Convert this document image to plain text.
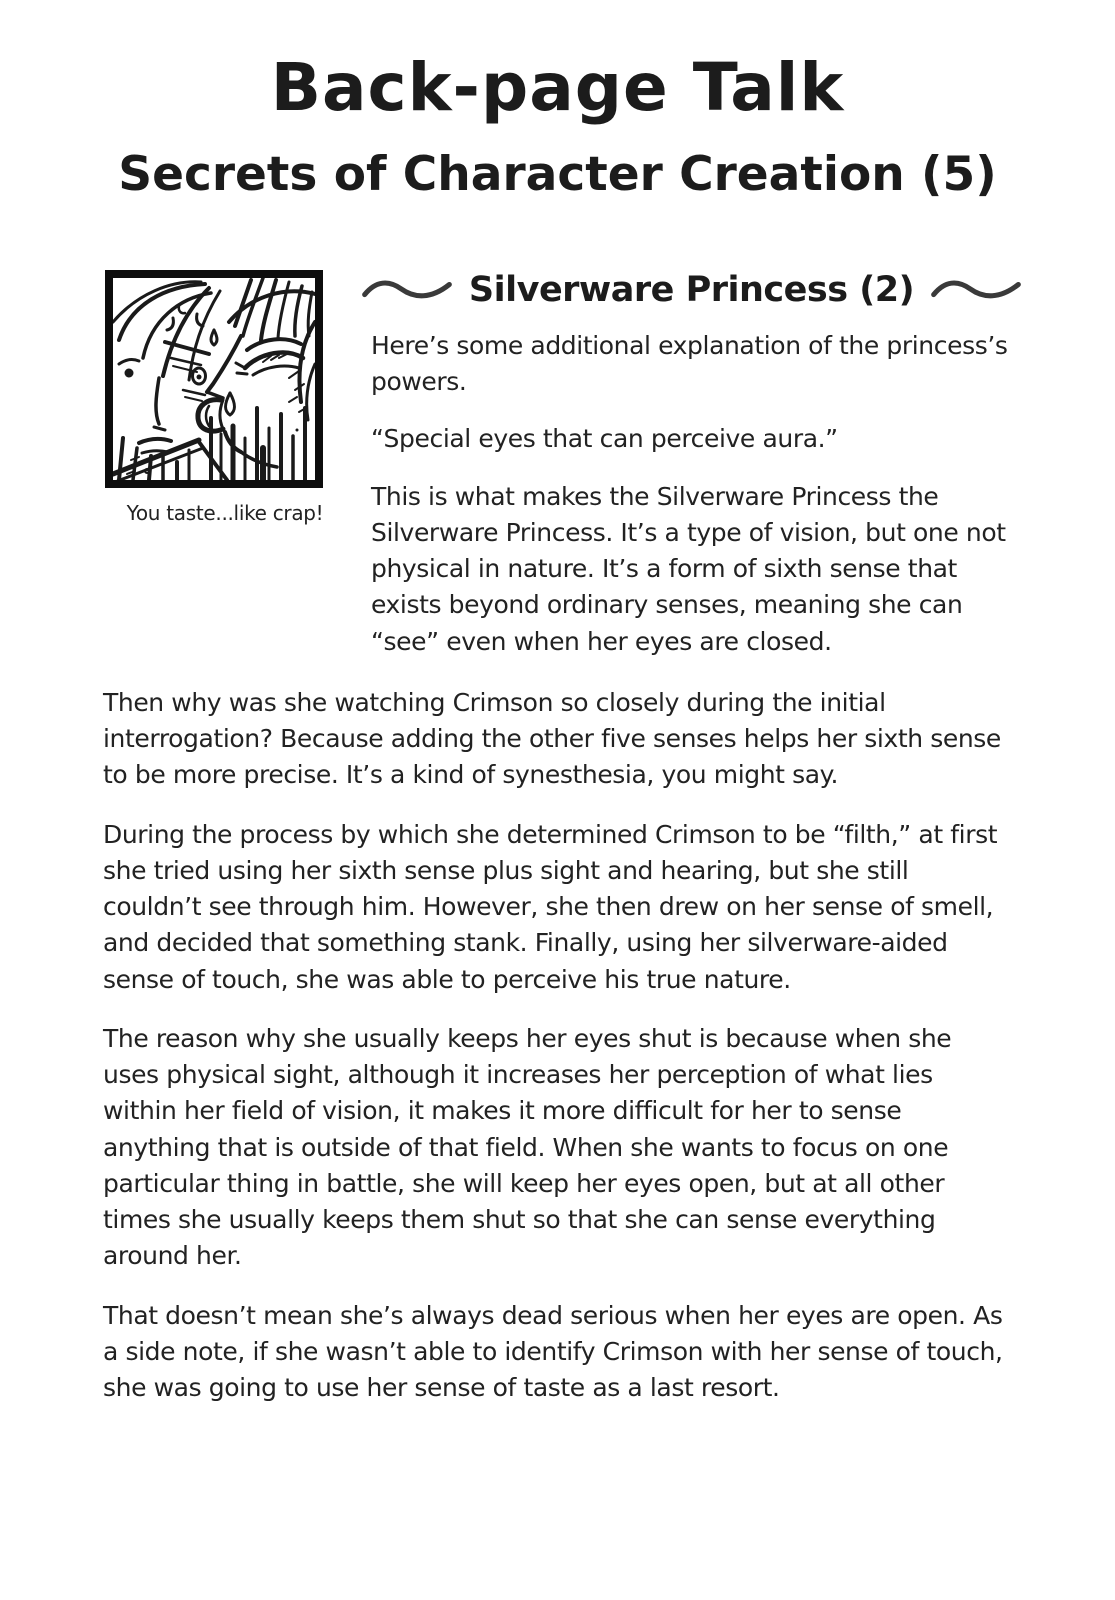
Back-page Talk
Secrets of Character Creation (5)
You taste...like crap!
Silverware Princess (2)

Here’s some additional explanation of the princess’s powers.

“Special eyes that can perceive aura.”

This is what makes the Silverware Princess the Silverware Princess. It’s a type of vision, but one not physical in nature. It’s a form of sixth sense that exists beyond ordinary senses, meaning she can “see” even when her eyes are closed.

Then why was she watching Crimson so closely during the initial interrogation? Because adding the other five senses helps her sixth sense to be more precise. It’s a kind of synesthesia, you might say.

During the process by which she determined Crimson to be “filth,” at first she tried using her sixth sense plus sight and hearing, but she still couldn’t see through him. However, she then drew on her sense of smell, and decided that something stank. Finally, using her silverware-aided sense of touch, she was able to perceive his true nature.

The reason why she usually keeps her eyes shut is because when she uses physical sight, although it increases her perception of what lies within her field of vision, it makes it more difficult for her to sense anything that is outside of that field. When she wants to focus on one particular thing in battle, she will keep her eyes open, but at all other times she usually keeps them shut so that she can sense everything around her.

That doesn’t mean she’s always dead serious when her eyes are open. As a side note, if she wasn’t able to identify Crimson with her sense of touch, she was going to use her sense of taste as a last resort.
